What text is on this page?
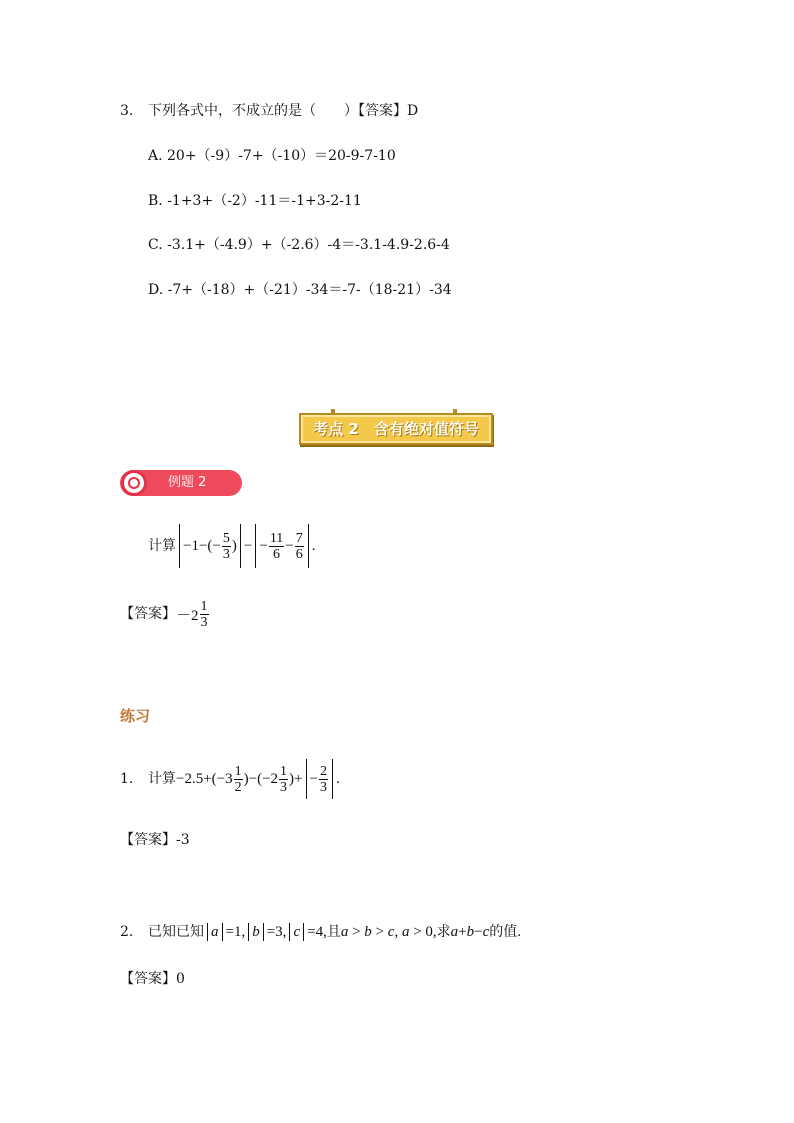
3. 下列各式中，不成立的是（　　）【答案】D
A. 20+（-9）-7+（-10）＝20-9-7-10
B. -1+3+（-2）-11＝-1+3-2-11
C. -3.1+（-4.9）+（-2.6）-4＝-3.1-4.9-2.6-4
D. -7+（-18）+（-21）-34＝-7-（18-21）-34
考点 2　含有绝对值符号
例题 2
计算 $-1-(- \frac{5}{3}$ ) − − $\frac{11}{6} - \frac{7}{6}$ .
【答案】 $-2 \frac{1}{3}$
练习
1.	计算 $-2.5+(-3 \frac{1}{2} )-(-2 \frac{1}{3}$ )+ − $\frac{2}{3}$ .
【答案】-3
2.	已知已知 a =1, b =3, c =4, 且 a > b > c, a > 0, 求 a+b−c 的值 .
【答案】0
